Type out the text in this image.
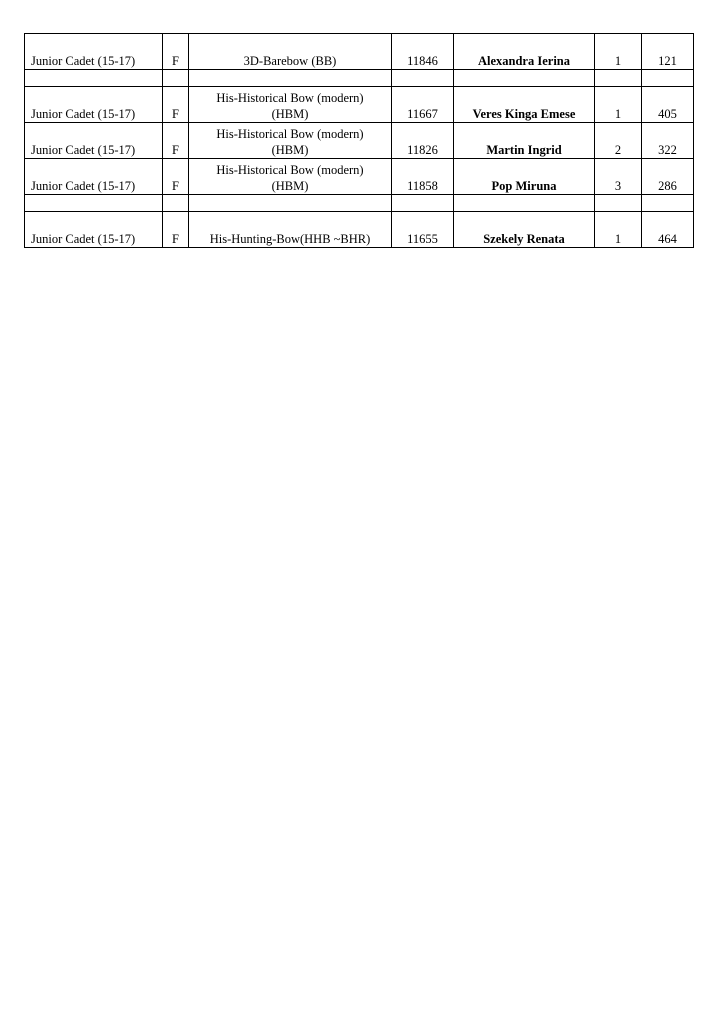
Junior Cadet (15-17)	F	3D-Barebow (BB)	11846	Alexandra Ierina	1	121

Junior Cadet (15-17)	F	His-Historical Bow (modern)
(HBM)	11667	Veres Kinga Emese	1	405
Junior Cadet (15-17)	F	His-Historical Bow (modern)
(HBM)	11826	Martin Ingrid	2	322
Junior Cadet (15-17)	F	His-Historical Bow (modern)
(HBM)	11858	Pop Miruna	3	286

Junior Cadet (15-17)	F	His-Hunting-Bow(HHB ~BHR)	11655	Szekely Renata	1	464
